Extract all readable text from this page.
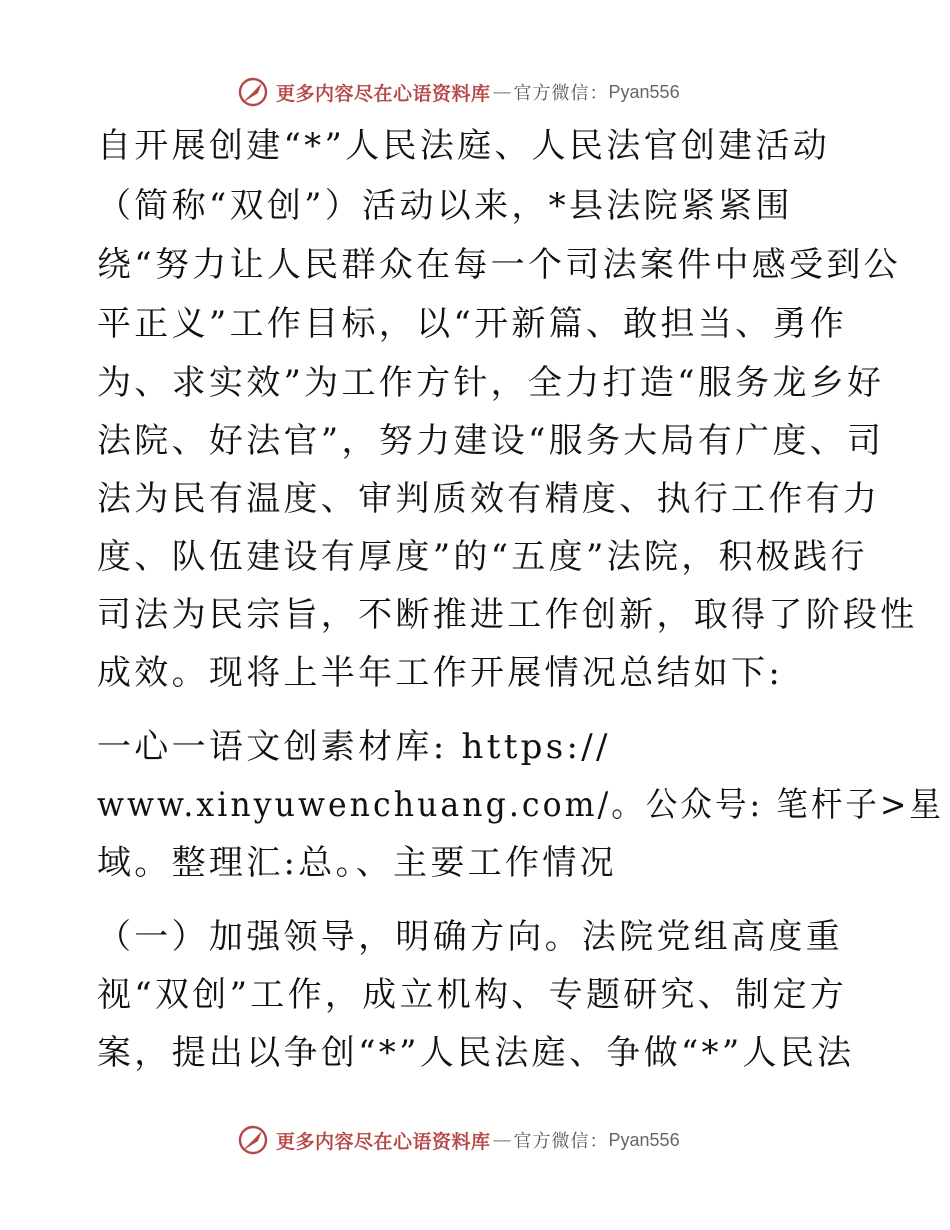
更多内容尽在心语资料库 — 官方微信： Pyan556
自开展创建“*”人民法庭、人民法官创建活动
（简称“双创”）活动以来，*县法院紧紧围
绕“努力让人民群众在每一个司法案件中感受到公
平正义”工作目标，以“开新篇、敢担当、勇作
为、求实效”为工作方针，全力打造“服务龙乡好
法院、好法官”，努力建设“服务大局有广度、司
法为民有温度、审判质效有精度、执行工作有力
度、队伍建设有厚度”的“五度”法院，积极践行
司法为民宗旨，不断推进工作创新，取得了阶段性
成效。现将上半年工作开展情况总结如下:
一心一语文创素材库: https://
www.xinyuwenchuang.com/。公众号: 笔杆子>星
域。整理汇:总。、主要工作情况
（一）加强领导，明确方向。法院党组高度重
视“双创”工作，成立机构、专题研究、制定方
案，提出以争创“*”人民法庭、争做“*”人民法
更多内容尽在心语资料库 — 官方微信： Pyan556
